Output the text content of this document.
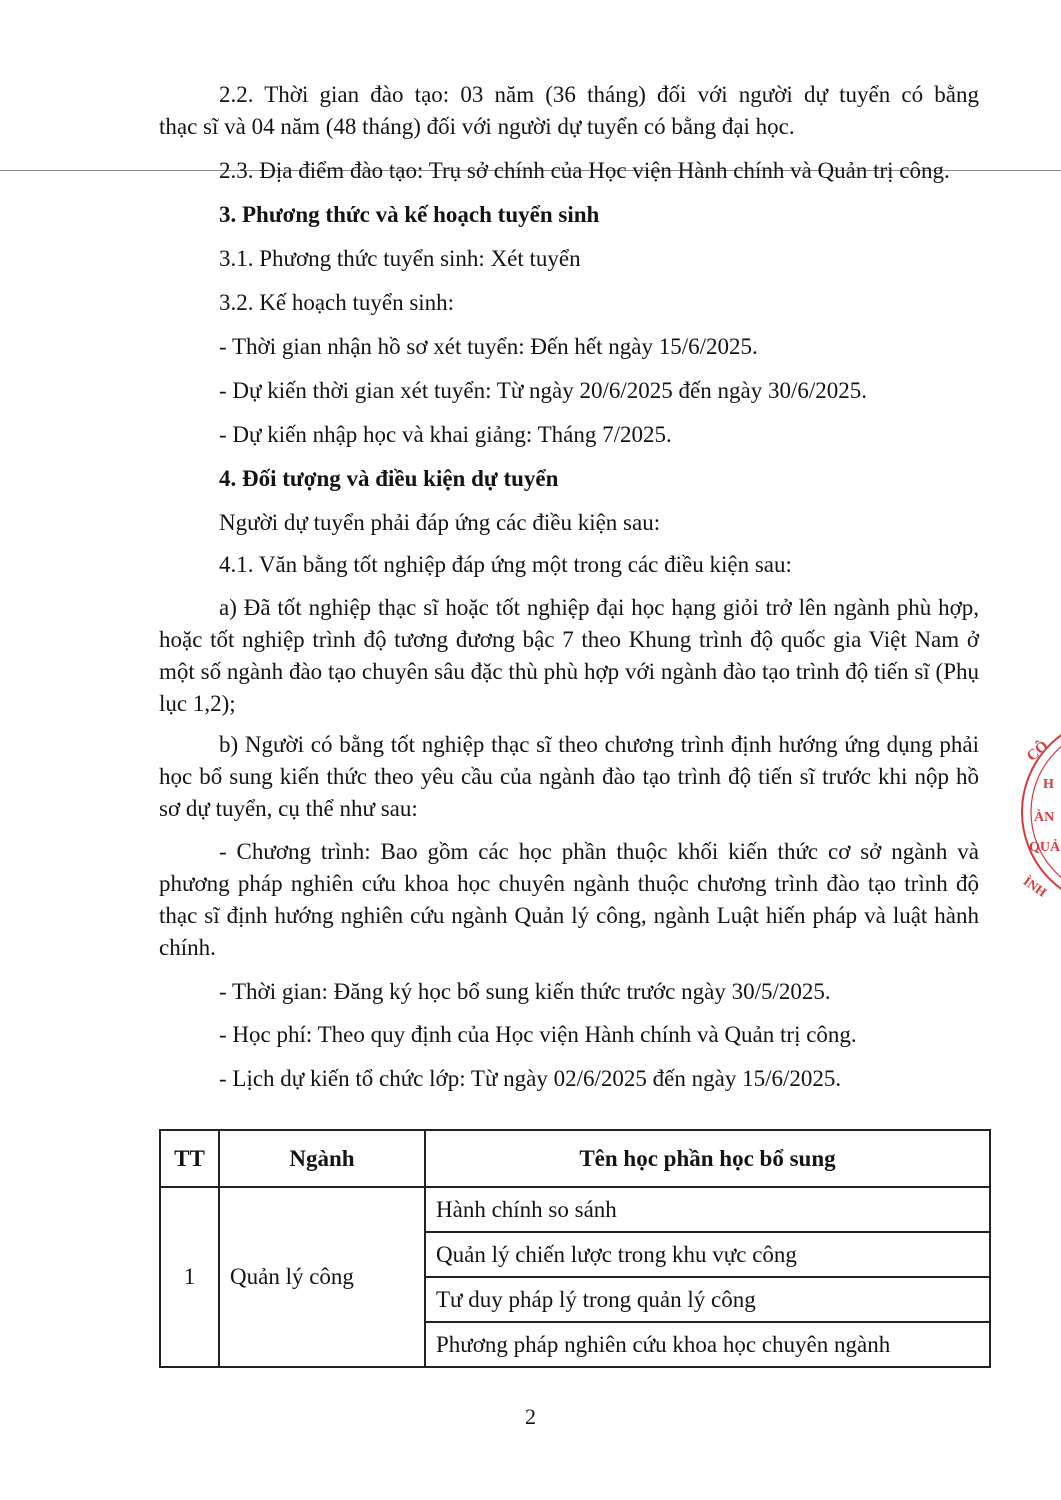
2.2. Thời gian đào tạo: 03 năm (36 tháng) đối với người dự tuyển có bằng

thạc sĩ và 04 năm (48 tháng) đối với người dự tuyển có bằng đại học.

2.3. Địa điểm đào tạo: Trụ sở chính của Học viện Hành chính và Quản trị công.

3. Phương thức và kế hoạch tuyển sinh

3.1. Phương thức tuyển sinh: Xét tuyển

3.2. Kế hoạch tuyển sinh:

- Thời gian nhận hồ sơ xét tuyển: Đến hết ngày 15/6/2025.

- Dự kiến thời gian xét tuyển: Từ ngày 20/6/2025 đến ngày 30/6/2025.

- Dự kiến nhập học và khai giảng: Tháng 7/2025.

4. Đối tượng và điều kiện dự tuyển

Người dự tuyển phải đáp ứng các điều kiện sau:

4.1. Văn bằng tốt nghiệp đáp ứng một trong các điều kiện sau:

a) Đã tốt nghiệp thạc sĩ hoặc tốt nghiệp đại học hạng giỏi trở lên ngành phù hợp, hoặc tốt nghiệp trình độ tương đương bậc 7 theo Khung trình độ quốc gia Việt Nam ở một số ngành đào tạo chuyên sâu đặc thù phù hợp với ngành đào tạo trình độ tiến sĩ (Phụ lục 1,2);

b) Người có bằng tốt nghiệp thạc sĩ theo chương trình định hướng ứng dụng phải học bổ sung kiến thức theo yêu cầu của ngành đào tạo trình độ tiến sĩ trước khi nộp hồ sơ dự tuyển, cụ thể như sau:

- Chương trình: Bao gồm các học phần thuộc khối kiến thức cơ sở ngành và phương pháp nghiên cứu khoa học chuyên ngành thuộc chương trình đào tạo trình độ thạc sĩ định hướng nghiên cứu ngành Quản lý công, ngành Luật hiến pháp và luật hành chính.

- Thời gian: Đăng ký học bổ sung kiến thức trước ngày 30/5/2025.

- Học phí: Theo quy định của Học viện Hành chính và Quản trị công.

- Lịch dự kiến tổ chức lớp: Từ ngày 02/6/2025 đến ngày 15/6/2025.

TT	Ngành	Tên học phần học bổ sung
1	Quản lý công	Hành chính so sánh
		Quản lý chiến lược trong khu vực công
		Tư duy pháp lý trong quản lý công
		Phương pháp nghiên cứu khoa học chuyên ngành
2
CÔ
H
ÀN
QUẢ
ÌNH
